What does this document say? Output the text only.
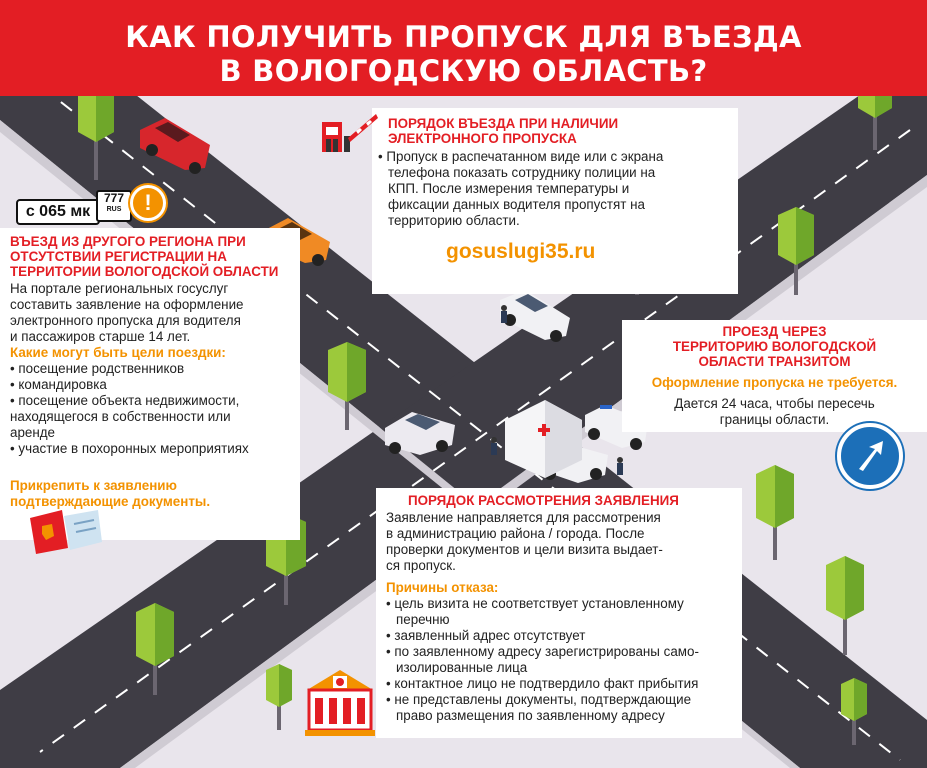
КАК ПОЛУЧИТЬ ПРОПУСК ДЛЯ ВЪЕЗДА
В ВОЛОГОДСКУЮ ОБЛАСТЬ?
ПОРЯДОК ВЪЕЗДА ПРИ НАЛИЧИИ
ЭЛЕКТРОННОГО ПРОПУСКА
• Пропуск в распечатанном виде или с экрана
телефона показать сотруднику полиции на
КПП. После измерения температуры и
фиксации данных водителя пропустят на
территорию области.
gosuslugi35.ru
ВЪЕЗД ИЗ ДРУГОГО РЕГИОНА ПРИ
ОТСУТСТВИИ РЕГИСТРАЦИИ НА
ТЕРРИТОРИИ ВОЛОГОДСКОЙ ОБЛАСТИ
На портале региональных госуслуг
составить заявление на оформление
электронного пропуска для водителя
и пассажиров старше 14 лет.
Какие могут быть цели поездки:
• посещение родственников
• командировка
• посещение объекта недвижимости,
находящегося в собственности или
аренде
• участие в похоронных мероприятиях
Прикрепить к заявлению
подтверждающие документы.
c 065 мк
777
RUS	!
ПРОЕЗД ЧЕРЕЗ
ТЕРРИТОРИЮ ВОЛОГОДСКОЙ
ОБЛАСТИ ТРАНЗИТОМ
Оформление пропуска не требуется.
Дается 24 часа, чтобы пересечь
границы области.
ПОРЯДОК РАССМОТРЕНИЯ ЗАЯВЛЕНИЯ
Заявление направляется для рассмотрения
в администрацию района / города. После
проверки документов и цели визита выдает-
ся пропуск.
Причины отказа:
• цель визита не соответствует установленному
перечню
• заявленный адрес отсутствует
• по заявленному адресу зарегистрированы само-
изолированные лица
• контактное лицо не подтвердило факт прибытия
• не представлены документы, подтверждающие
право размещения по заявленному адресу
